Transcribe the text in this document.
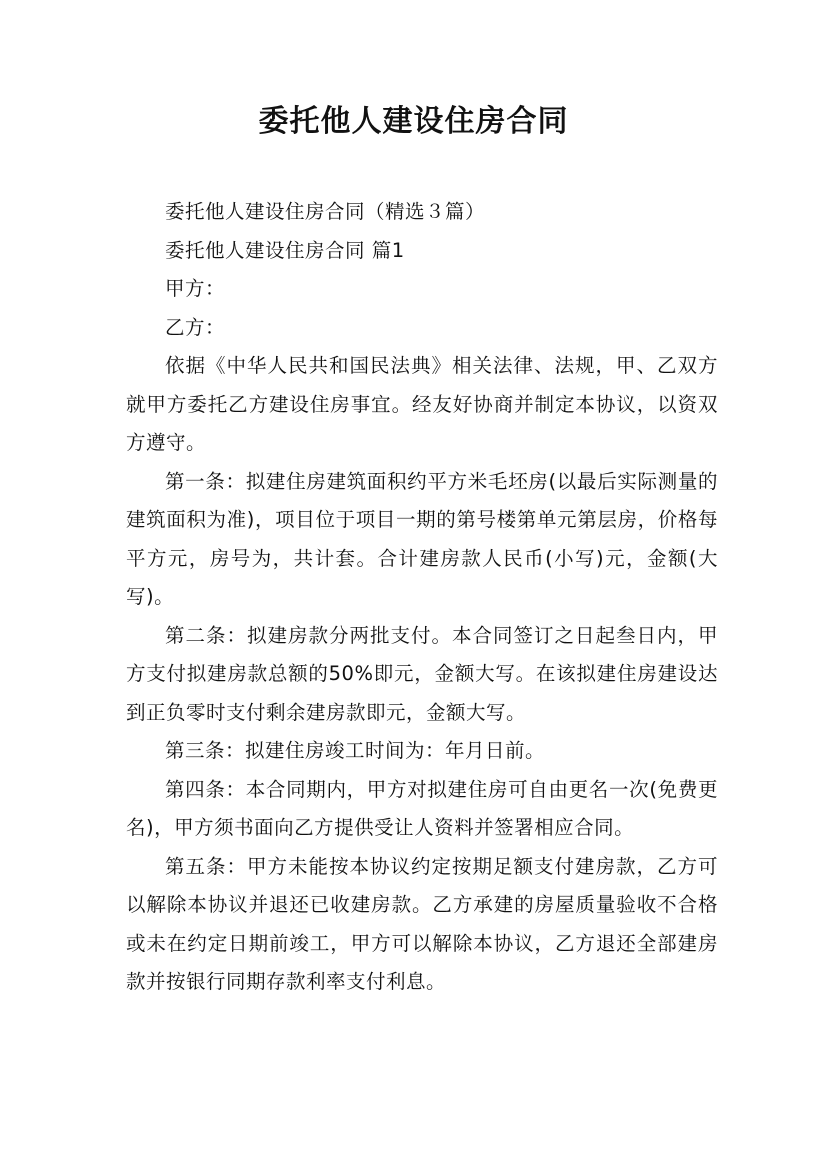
委托他人建设住房合同

委托他人建设住房合同（精选３篇）

委托他人建设住房合同 篇1

甲方：

乙方：

依据《中华人民共和国民法典》相关法律、法规，甲、乙双方就甲方委托乙方建设住房事宜。经友好协商并制定本协议，以资双方遵守。

第一条：拟建住房建筑面积约平方米毛坯房(以最后实际测量的建筑面积为准)，项目位于项目一期的第号楼第单元第层房，价格每平方元，房号为，共计套。合计建房款人民币(小写)元，金额(大写)。

第二条：拟建房款分两批支付。本合同签订之日起叁日内，甲方支付拟建房款总额的50%即元，金额大写。在该拟建住房建设达到正负零时支付剩余建房款即元，金额大写。

第三条：拟建住房竣工时间为：年月日前。

第四条：本合同期内，甲方对拟建住房可自由更名一次(免费更名)，甲方须书面向乙方提供受让人资料并签署相应合同。

第五条：甲方未能按本协议约定按期足额支付建房款，乙方可以解除本协议并退还已收建房款。乙方承建的房屋质量验收不合格或未在约定日期前竣工，甲方可以解除本协议，乙方退还全部建房款并按银行同期存款利率支付利息。
